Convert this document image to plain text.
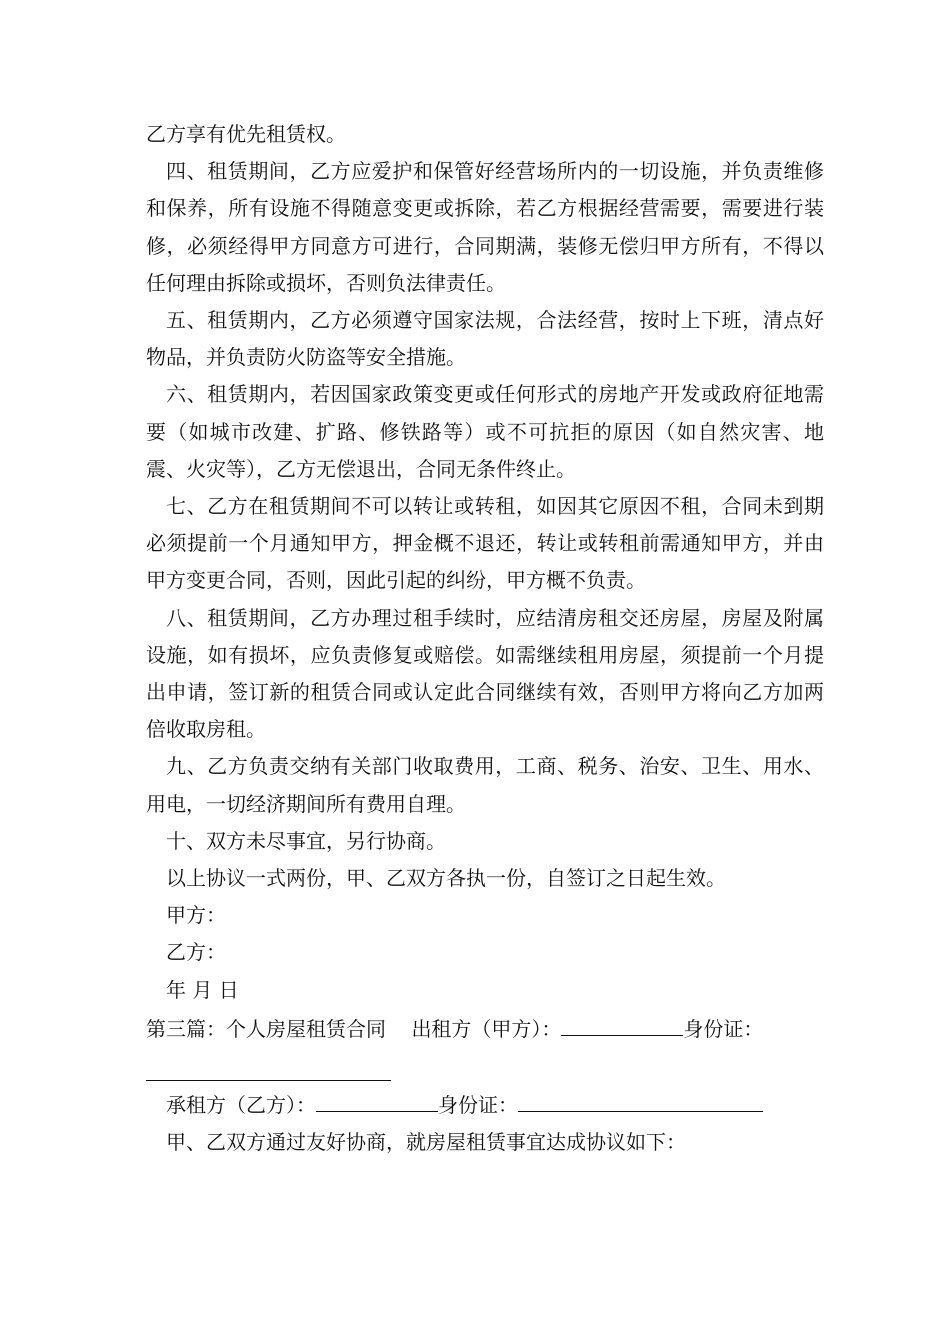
乙方享有优先租赁权。

四、租赁期间，乙方应爱护和保管好经营场所内的一切设施，并负责维修和保养，所有设施不得随意变更或拆除，若乙方根据经营需要，需要进行装修，必须经得甲方同意方可进行，合同期满，装修无偿归甲方所有，不得以任何理由拆除或损坏，否则负法律责任。

五、租赁期内，乙方必须遵守国家法规，合法经营，按时上下班，清点好物品，并负责防火防盗等安全措施。

六、租赁期内，若因国家政策变更或任何形式的房地产开发或政府征地需要（如城市改建、扩路、修铁路等）或不可抗拒的原因（如自然灾害、地震、火灾等），乙方无偿退出，合同无条件终止。

七、乙方在租赁期间不可以转让或转租，如因其它原因不租，合同未到期必须提前一个月通知甲方，押金概不退还，转让或转租前需通知甲方，并由甲方变更合同，否则，因此引起的纠纷，甲方概不负责。

八、租赁期间，乙方办理过租手续时，应结清房租交还房屋，房屋及附属设施，如有损坏，应负责修复或赔偿。如需继续租用房屋，须提前一个月提出申请，签订新的租赁合同或认定此合同继续有效，否则甲方将向乙方加两倍收取房租。

九、乙方负责交纳有关部门收取费用，工商、税务、治安、卫生、用水、用电，一切经济期间所有费用自理。

十、双方未尽事宜，另行协商。

以上协议一式两份，甲、乙双方各执一份，自签订之日起生效。

甲方：

乙方：

年 月 日

第三篇：个人房屋租赁合同 出租方（甲方）：	身份证：

承租方（乙方）：	身份证：

甲、乙双方通过友好协商，就房屋租赁事宜达成协议如下：
